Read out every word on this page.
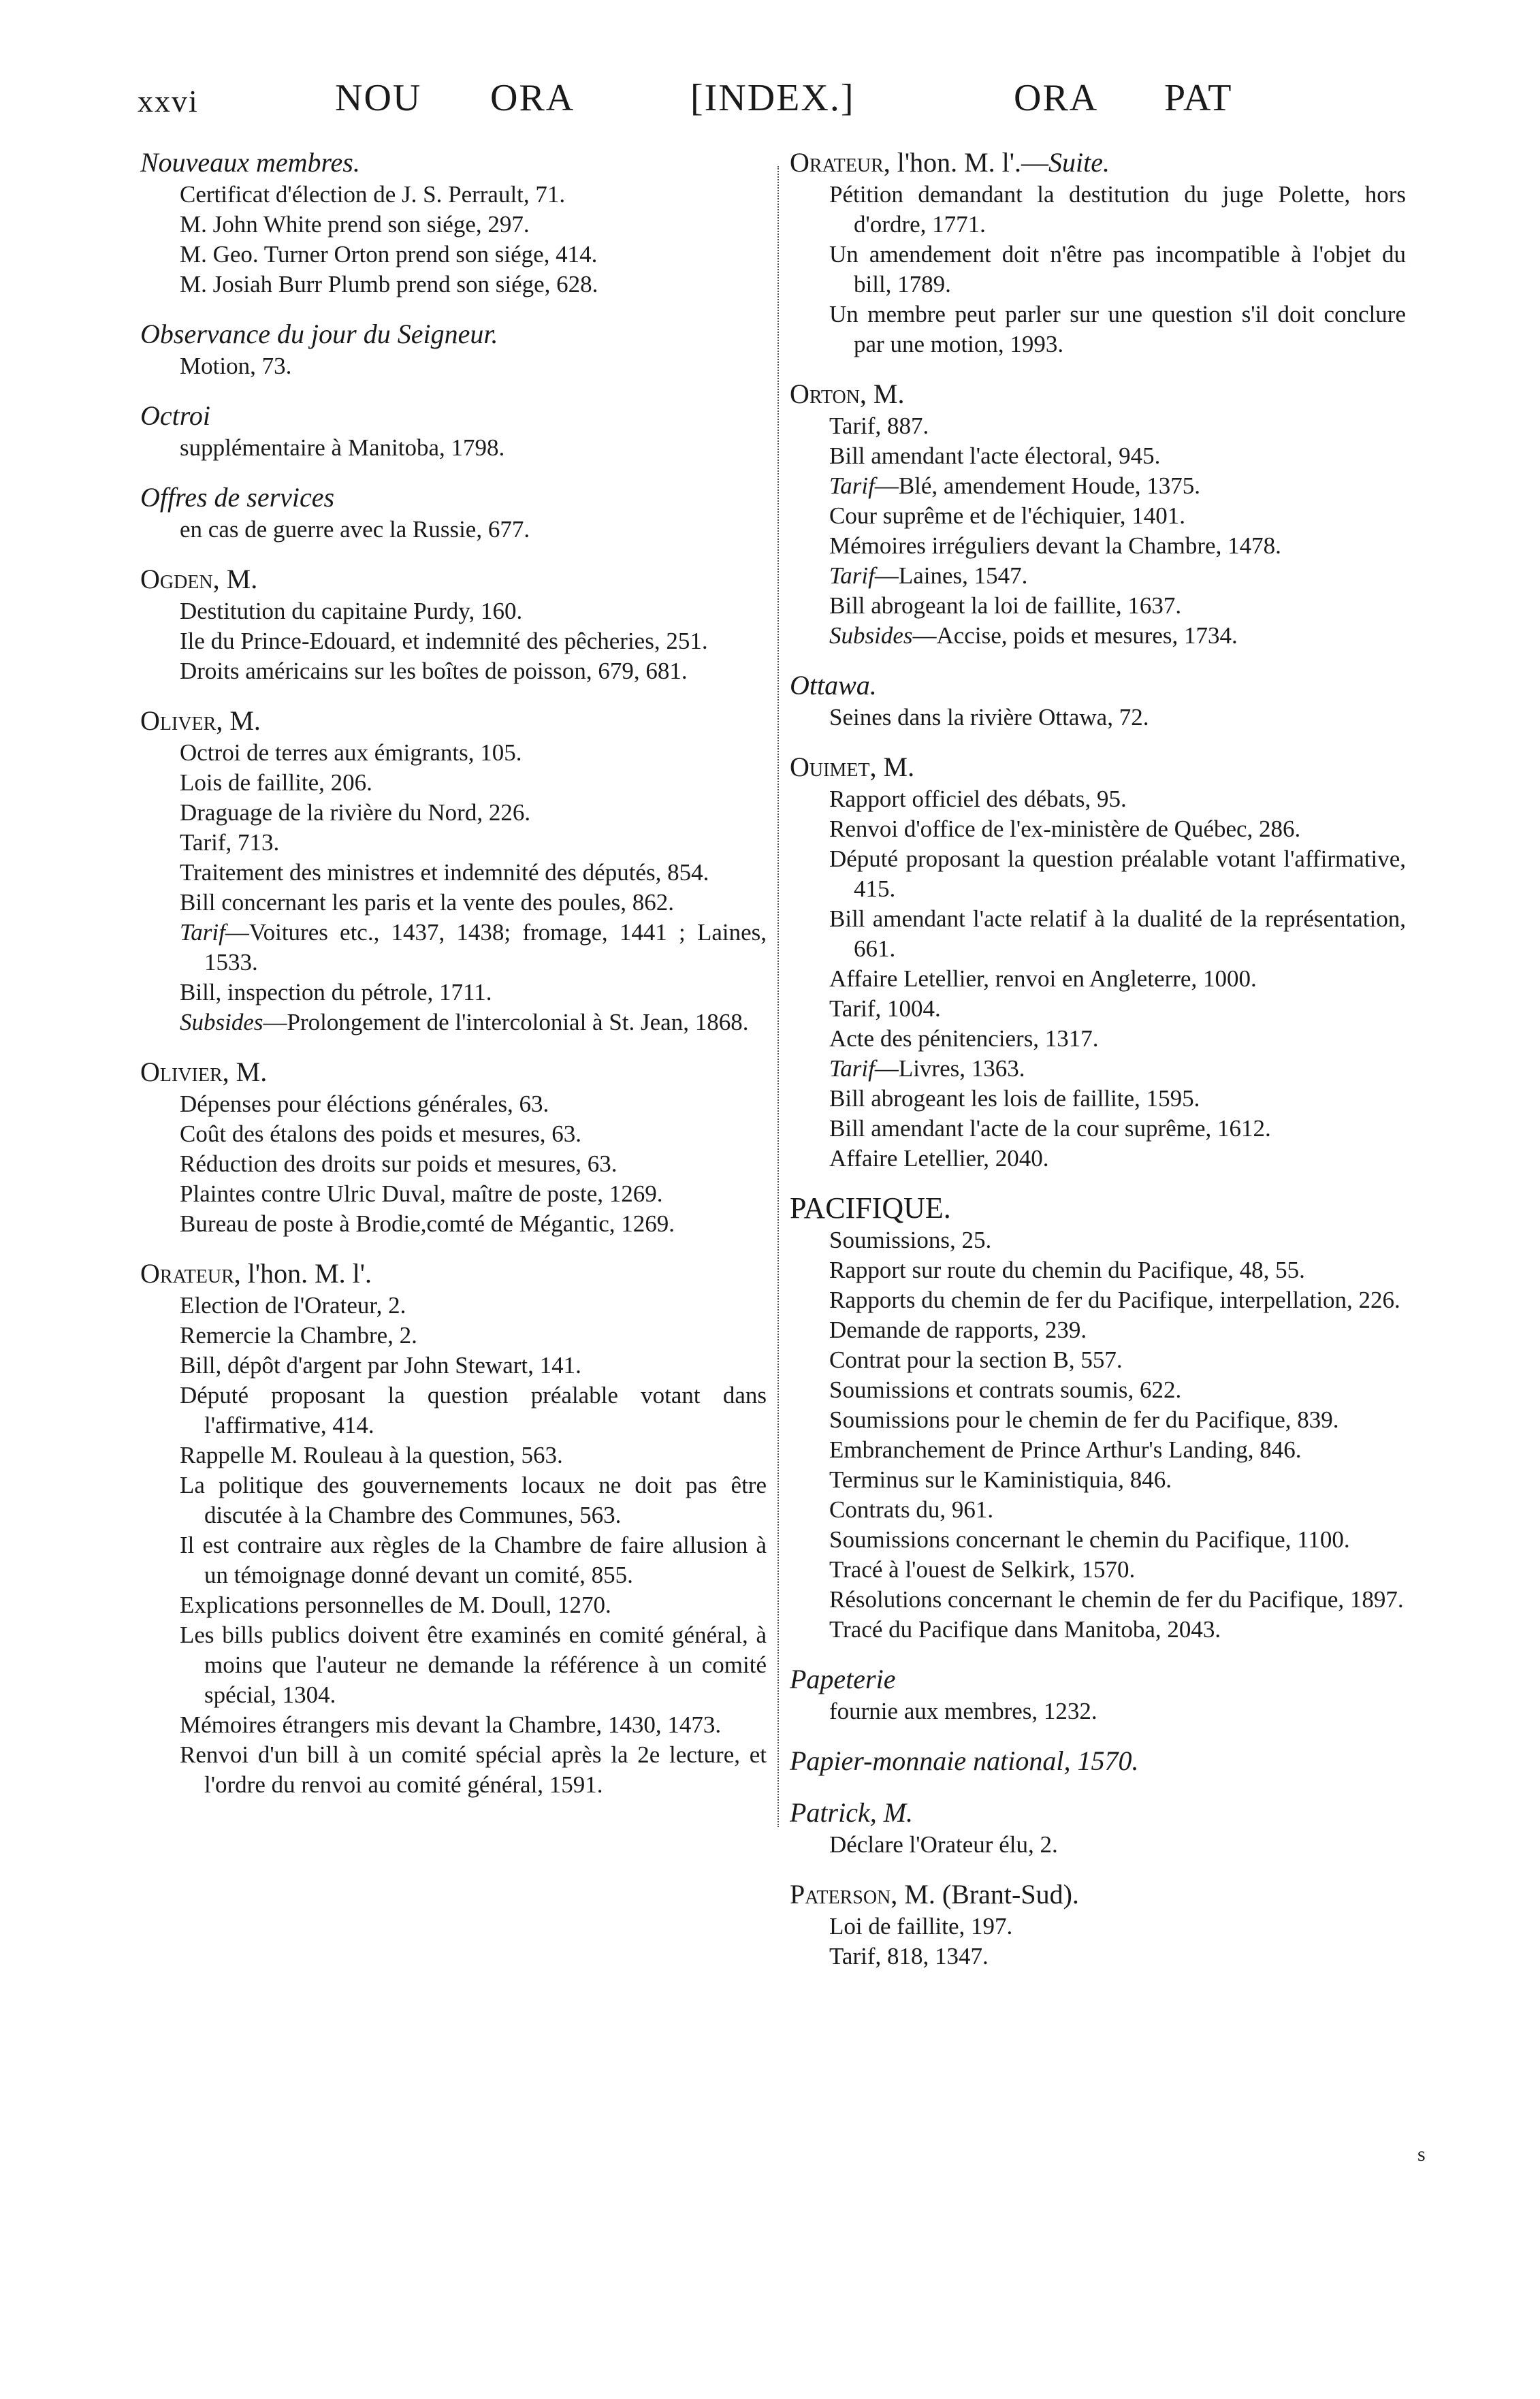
xxvi	NOU ORA	[INDEX.]	ORA PAT
Nouveaux membres.
Certificat d'élection de J. S. Perrault, 71.
M. John White prend son siége, 297.
M. Geo. Turner Orton prend son siége, 414.
M. Josiah Burr Plumb prend son siége, 628.
Observance du jour du Seigneur.
Motion, 73.
Octroi
supplémentaire à Manitoba, 1798.
Offres de services
en cas de guerre avec la Russie, 677.
Ogden, M.
Destitution du capitaine Purdy, 160.
Ile du Prince-Edouard, et indemnité des pêcheries, 251.
Droits américains sur les boîtes de poisson, 679, 681.
Oliver, M.
Octroi de terres aux émigrants, 105.
Lois de faillite, 206.
Draguage de la rivière du Nord, 226.
Tarif, 713.
Traitement des ministres et indemnité des députés, 854.
Bill concernant les paris et la vente des poules, 862.
Tarif—Voitures etc., 1437, 1438; fromage, 1441 ; Laines, 1533.
Bill, inspection du pétrole, 1711.
Subsides—Prolongement de l'intercolonial à St. Jean, 1868.
Olivier, M.
Dépenses pour éléctions générales, 63.
Coût des étalons des poids et mesures, 63.
Réduction des droits sur poids et mesures, 63.
Plaintes contre Ulric Duval, maître de poste, 1269.
Bureau de poste à Brodie,comté de Mégantic, 1269.
Orateur, l'hon. M. l'.
Election de l'Orateur, 2.
Remercie la Chambre, 2.
Bill, dépôt d'argent par John Stewart, 141.
Député proposant la question préalable votant dans l'affirmative, 414.
Rappelle M. Rouleau à la question, 563.
La politique des gouvernements locaux ne doit pas être discutée à la Chambre des Communes, 563.
Il est contraire aux règles de la Chambre de faire allusion à un témoignage donné devant un comité, 855.
Explications personnelles de M. Doull, 1270.
Les bills publics doivent être examinés en comité général, à moins que l'auteur ne demande la référence à un comité spécial, 1304.
Mémoires étrangers mis devant la Chambre, 1430, 1473.
Renvoi d'un bill à un comité spécial après la 2e lecture, et l'ordre du renvoi au comité général, 1591.
Orateur, l'hon. M. l'.—Suite.
Pétition demandant la destitution du juge Polette, hors d'ordre, 1771.
Un amendement doit n'être pas incompatible à l'objet du bill, 1789.
Un membre peut parler sur une question s'il doit conclure par une motion, 1993.
Orton, M.
Tarif, 887.
Bill amendant l'acte électoral, 945.
Tarif—Blé, amendement Houde, 1375.
Cour suprême et de l'échiquier, 1401.
Mémoires irréguliers devant la Chambre, 1478.
Tarif—Laines, 1547.
Bill abrogeant la loi de faillite, 1637.
Subsides—Accise, poids et mesures, 1734.
Ottawa.
Seines dans la rivière Ottawa, 72.
Ouimet, M.
Rapport officiel des débats, 95.
Renvoi d'office de l'ex-ministère de Québec, 286.
Député proposant la question préalable votant l'affirmative, 415.
Bill amendant l'acte relatif à la dualité de la représentation, 661.
Affaire Letellier, renvoi en Angleterre, 1000.
Tarif, 1004.
Acte des pénitenciers, 1317.
Tarif—Livres, 1363.
Bill abrogeant les lois de faillite, 1595.
Bill amendant l'acte de la cour suprême, 1612.
Affaire Letellier, 2040.
PACIFIQUE.
Soumissions, 25.
Rapport sur route du chemin du Pacifique, 48, 55.
Rapports du chemin de fer du Pacifique, interpellation, 226.
Demande de rapports, 239.
Contrat pour la section B, 557.
Soumissions et contrats soumis, 622.
Soumissions pour le chemin de fer du Pacifique, 839.
Embranchement de Prince Arthur's Landing, 846.
Terminus sur le Kaministiquia, 846.
Contrats du, 961.
Soumissions concernant le chemin du Pacifique, 1100.
Tracé à l'ouest de Selkirk, 1570.
Résolutions concernant le chemin de fer du Pacifique, 1897.
Tracé du Pacifique dans Manitoba, 2043.
Papeterie
fournie aux membres, 1232.
Papier-monnaie national, 1570.
Patrick, M.
Déclare l'Orateur élu, 2.
Paterson, M. (Brant-Sud).
Loi de faillite, 197.
Tarif, 818, 1347.
s
